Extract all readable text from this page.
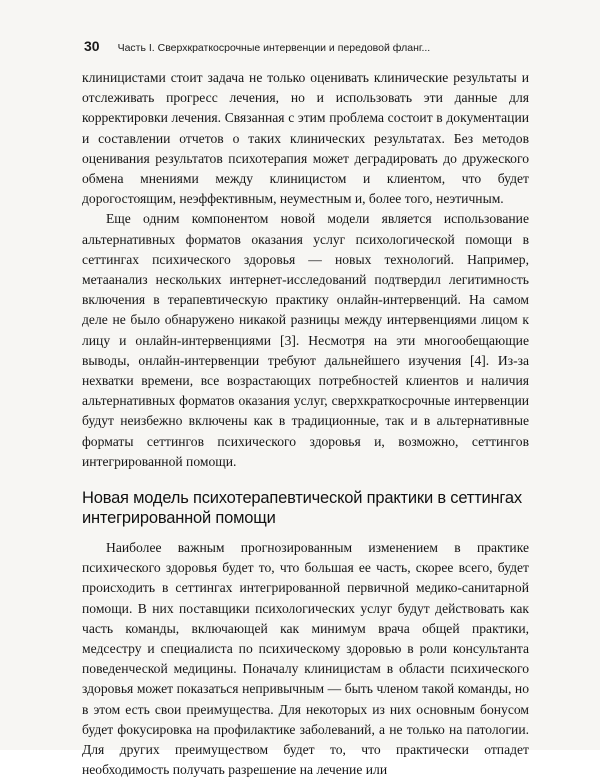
30 Часть I. Сверхкраткосрочные интервенции и передовой фланг...

клиницистами стоит задача не только оценивать клинические результаты и отслеживать прогресс лечения, но и использовать эти данные для корректировки лечения. Связанная с этим проблема состоит в документации и составлении отчетов о таких клинических результатах. Без методов оценивания результатов психотерапия может деградировать до дружеского обмена мнениями между клиницистом и клиентом, что будет дорогостоящим, неэффективным, неуместным и, более того, неэтичным.

Еще одним компонентом новой модели является использование альтернативных форматов оказания услуг психологической помощи в сеттингах психического здоровья — новых технологий. Например, метаанализ нескольких интернет-исследований подтвердил легитимность включения в терапевтическую практику онлайн-интервенций. На самом деле не было обнаружено никакой разницы между интервенциями лицом к лицу и онлайн-интервенциями [3]. Несмотря на эти многообещающие выводы, онлайн-интервенции требуют дальнейшего изучения [4]. Из-за нехватки времени, все возрастающих потребностей клиентов и наличия альтернативных форматов оказания услуг, сверхкраткосрочные интервенции будут неизбежно включены как в традиционные, так и в альтернативные форматы сеттингов психического здоровья и, возможно, сеттингов интегрированной помощи.

Новая модель психотерапевтической практики в сеттингах интегрированной помощи

Наиболее важным прогнозированным изменением в практике психического здоровья будет то, что большая ее часть, скорее всего, будет происходить в сеттингах интегрированной первичной медико-санитарной помощи. В них поставщики психологических услуг будут действовать как часть команды, включающей как минимум врача общей практики, медсестру и специалиста по психическому здоровью в роли консультанта поведенческой медицины. Поначалу клиницистам в области психического здоровья может показаться непривычным — быть членом такой команды, но в этом есть свои преимущества. Для некоторых из них основным бонусом будет фокусировка на профилактике заболеваний, а не только на патологии. Для других преимуществом будет то, что практически отпадет необходимость получать разрешение на лечение или
